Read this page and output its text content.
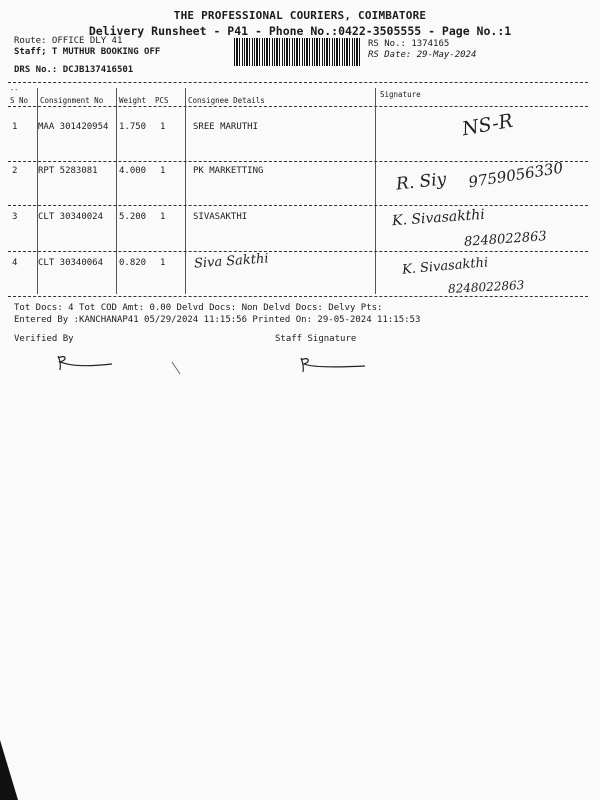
THE PROFESSIONAL COURIERS, COIMBATORE
Delivery Runsheet - P41 - Phone No.:0422-3505555 - Page No.:1
Route: OFFICE DLY 41
Staff; T MUTHUR BOOKING OFF
RS No.: 1374165
RS Date: 29-May-2024
DRS No.: DCJB137416501
--
S No Consignment No Weight PCS	Consignee Details
Signature
1 MAA 301420954 1.750 1	SREE MARUTHI	NS-R
2 RPT 5283081 4.000 1	PK MARKETTING	R. Siy 9759056330
3 CLT 30340024 5.200 1	SIVASAKTHI	K. Sivasakthi
8248022863
4 CLT 30340064 0.820 1 Siva Sakthi	K. Sivasakthi
8248022863
Tot Docs: 4 Tot COD Amt: 0.00 Delvd Docs: Non Delvd Docs: Delvy Pts:
Entered By :KANCHANAP41 05/29/2024 11:15:56 Printed On: 29-05-2024 11:15:53
Verified By	Staff Signature
